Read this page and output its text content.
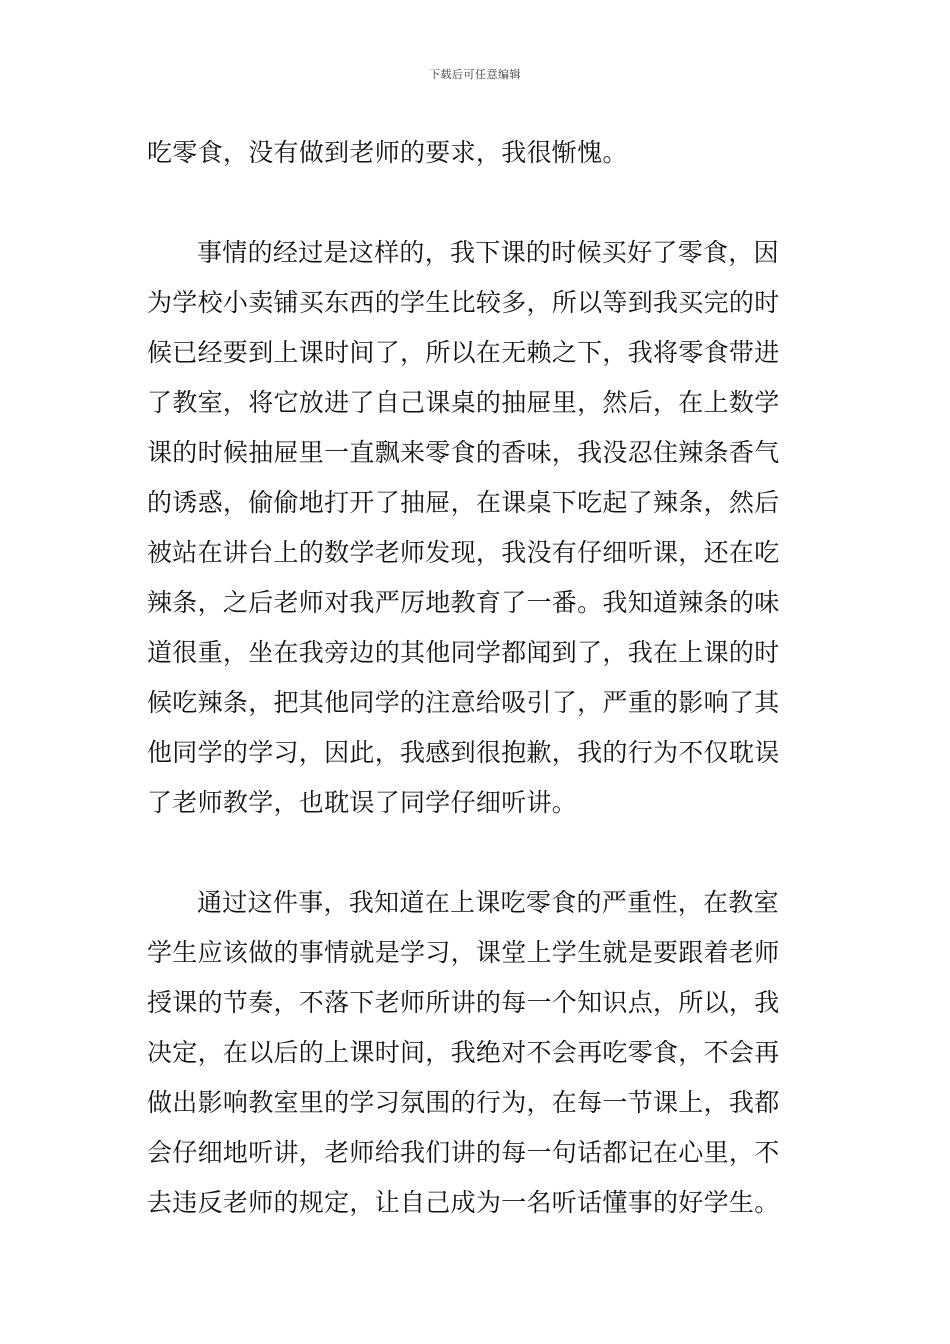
下载后可任意编辑
吃零食，没有做到老师的要求，我很惭愧。
事情的经过是这样的，我下课的时候买好了零食，因
为学校小卖铺买东西的学生比较多，所以等到我买完的时
候已经要到上课时间了，所以在无赖之下，我将零食带进
了教室，将它放进了自己课桌的抽屉里，然后，在上数学
课的时候抽屉里一直飘来零食的香味，我没忍住辣条香气
的诱惑，偷偷地打开了抽屉，在课桌下吃起了辣条，然后
被站在讲台上的数学老师发现，我没有仔细听课，还在吃
辣条，之后老师对我严厉地教育了一番。我知道辣条的味
道很重，坐在我旁边的其他同学都闻到了，我在上课的时
候吃辣条，把其他同学的注意给吸引了，严重的影响了其
他同学的学习，因此，我感到很抱歉，我的行为不仅耽误
了老师教学，也耽误了同学仔细听讲。
通过这件事，我知道在上课吃零食的严重性，在教室
学生应该做的事情就是学习，课堂上学生就是要跟着老师
授课的节奏，不落下老师所讲的每一个知识点，所以，我
决定，在以后的上课时间，我绝对不会再吃零食，不会再
做出影响教室里的学习氛围的行为，在每一节课上，我都
会仔细地听讲，老师给我们讲的每一句话都记在心里，不
去违反老师的规定，让自己成为一名听话懂事的好学生。
